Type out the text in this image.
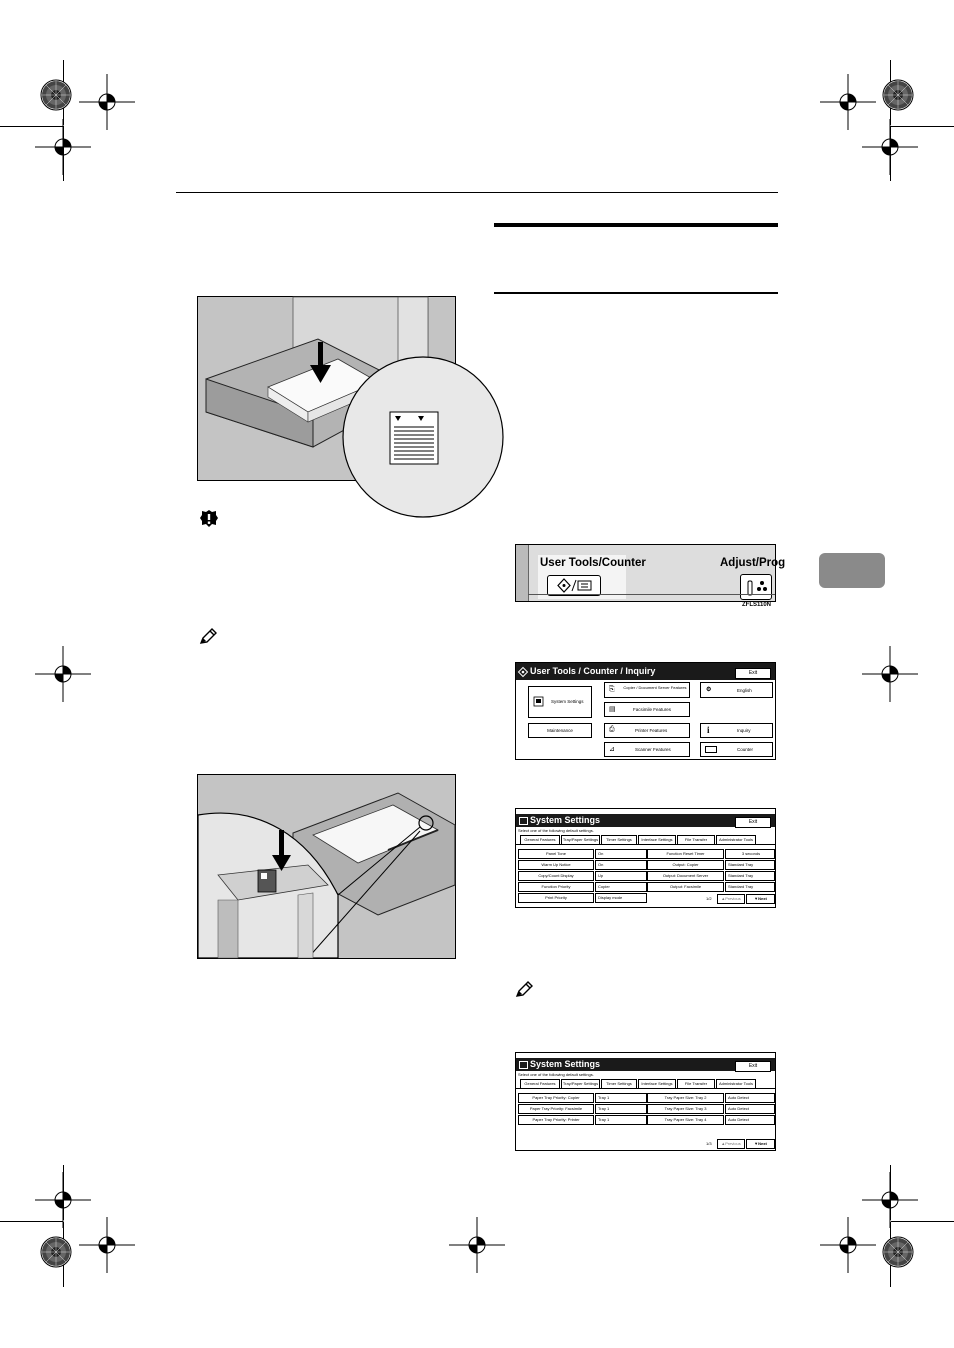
User Tools/Counter	Adjust/Prog
ZFLS110N
User Tools / Counter / Inquiry	Exit
System Settings
Maintenance
⎘ Copier / Document Server Features
▤	Facsimile Features
⎙	Printer Features
⊿	Scanner Features
⚙	English
i	Inquiry
Counter
System Settings	Exit
Select one of the following default settings.
General Features	Tray/Paper Settings	Timer Settings	Interface Settings	File Transfer	Administrator Tools
Panel Tone	On	Function Reset Timer	3 seconds
Warm Up Notice	On	Output: Copier	Standard Tray
Copy/Count Display	Up	Output: Document Server	Standard Tray
Function Priority	Copier	Output: Facsimile	Standard Tray
Print Priority	Display mode	1/2	▲Previous	▼Next
System Settings	Exit
Select one of the following default settings.
General Features	Tray/Paper Settings	Timer Settings	Interface Settings	File Transfer	Administrator Tools
Paper Tray Priority: Copier	Tray 1	Tray Paper Size: Tray 2	Auto Detect
Paper Tray Priority: Facsimile	Tray 1	Tray Paper Size: Tray 3	Auto Detect
Paper Tray Priority: Printer	Tray 1	Tray Paper Size: Tray 4	Auto Detect
1/3	▲Previous	▼Next
